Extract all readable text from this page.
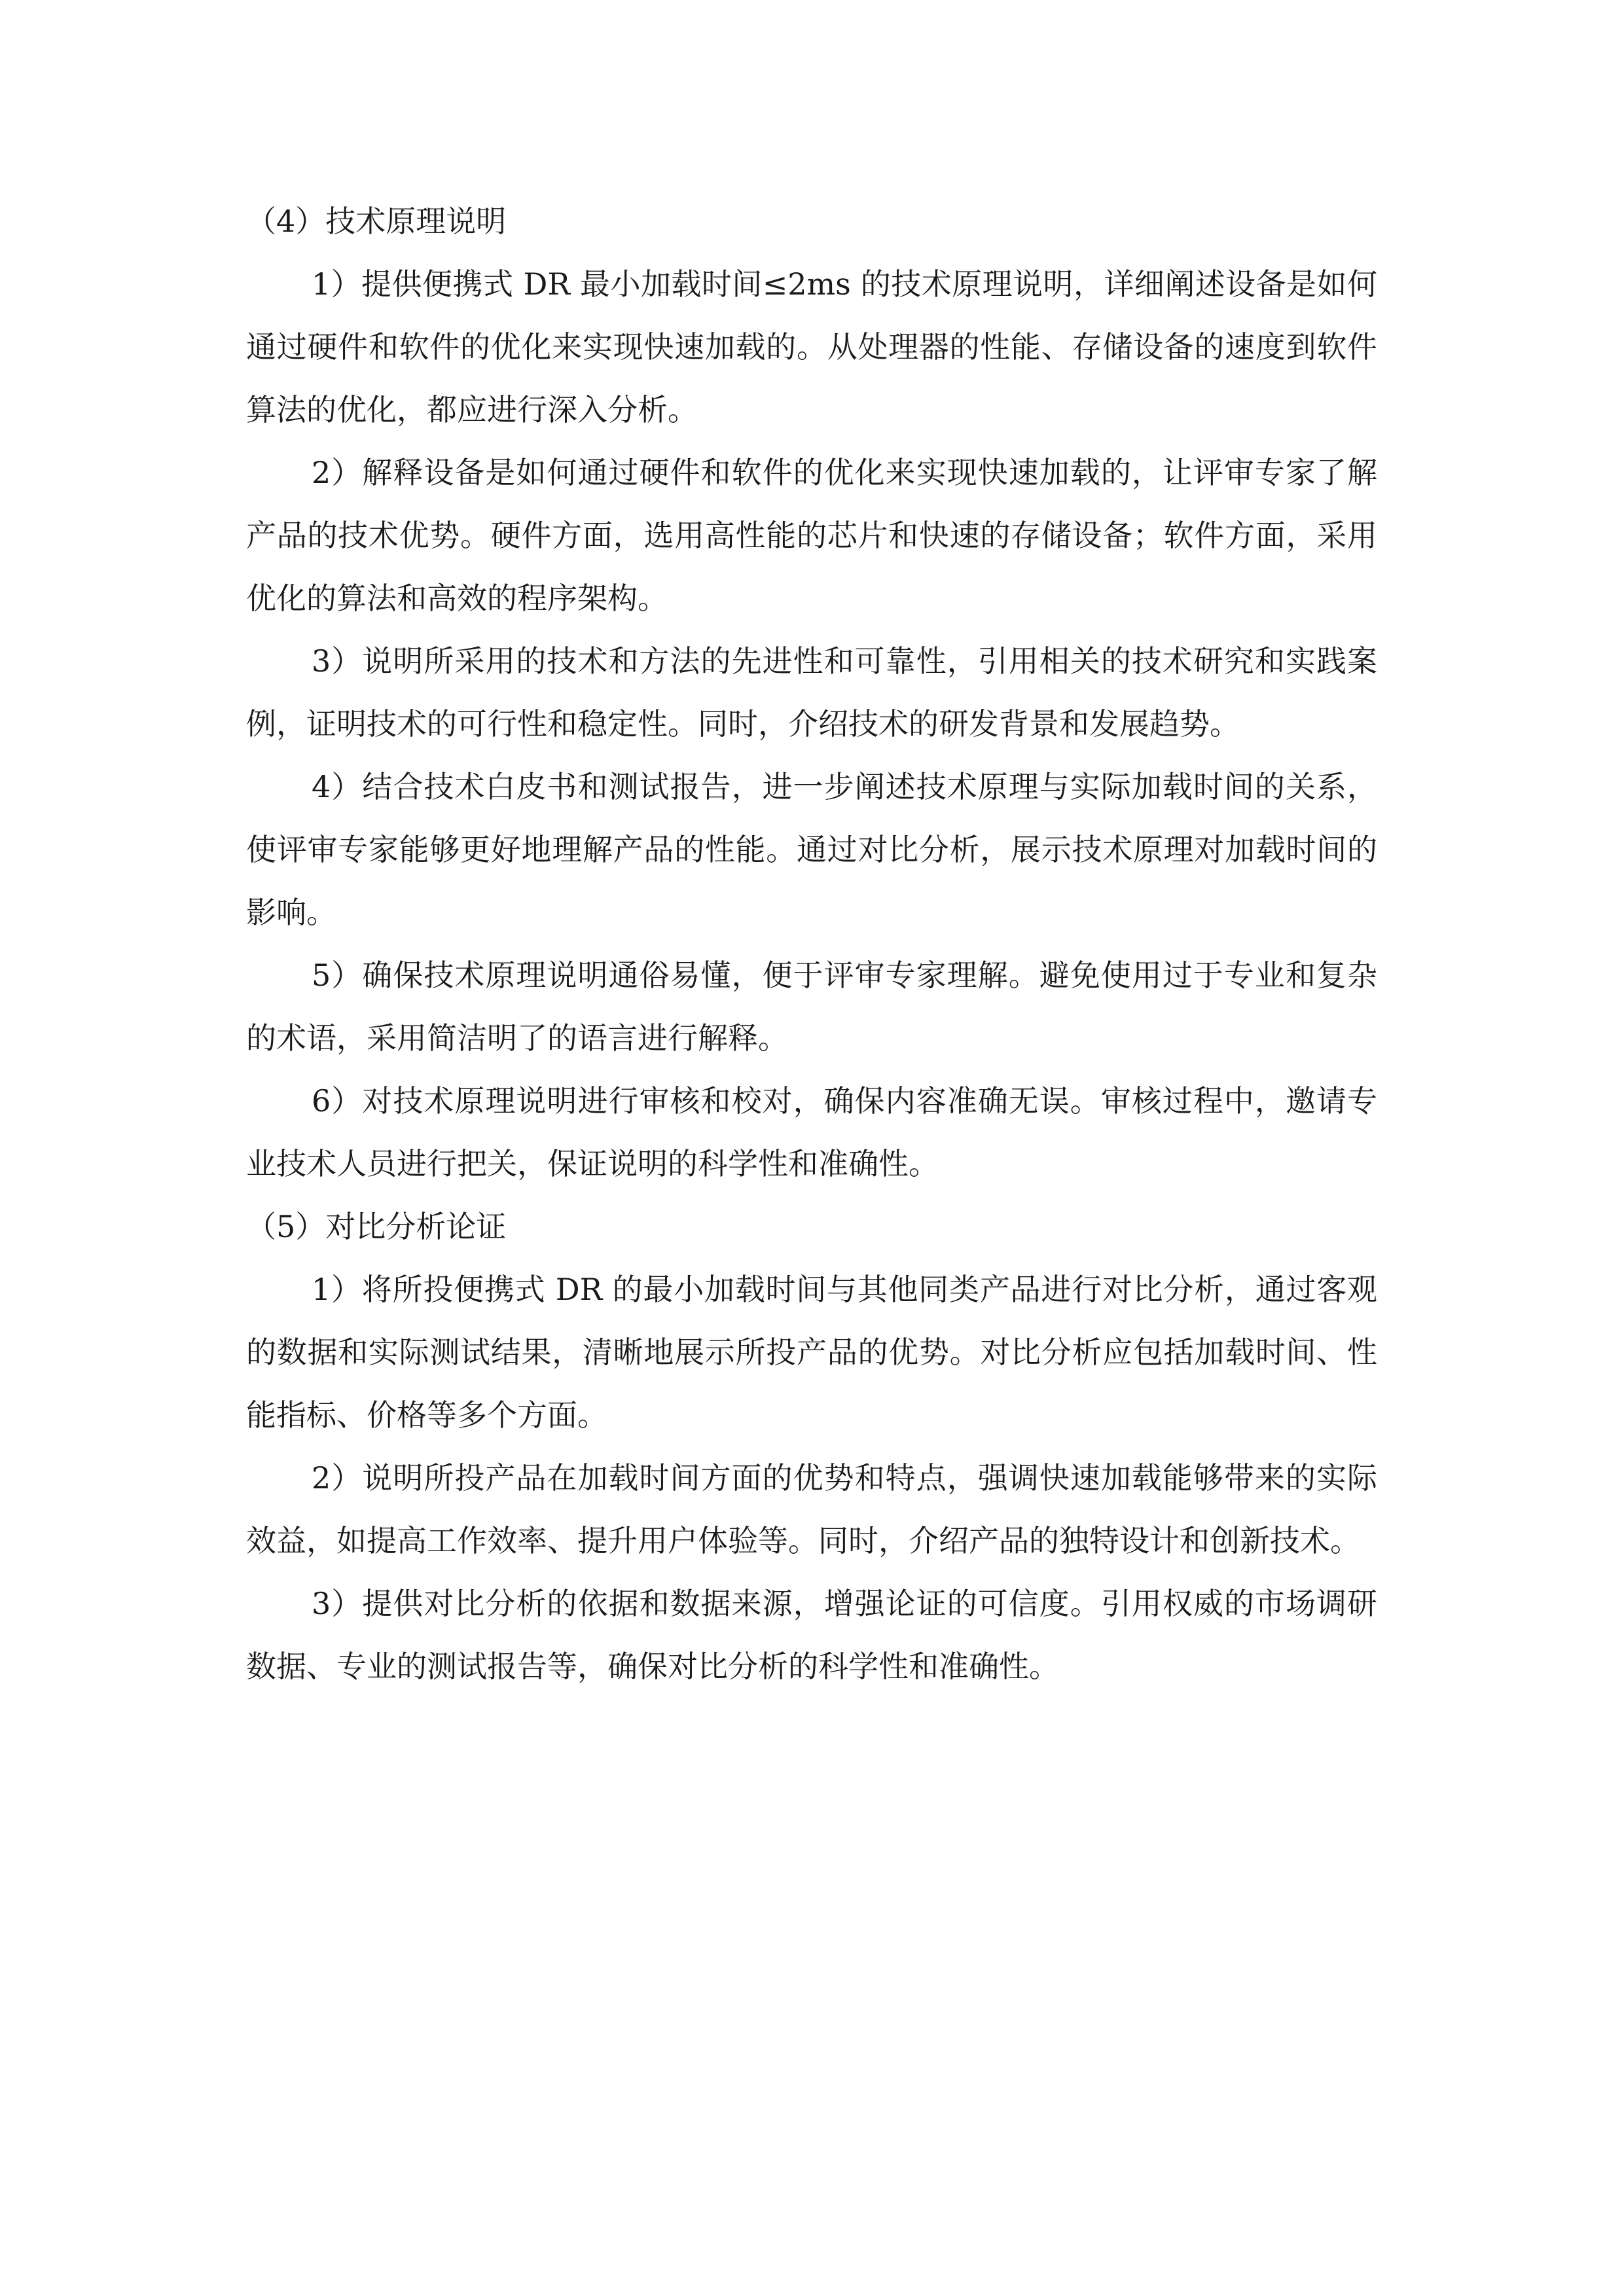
（4）技术原理说明

1）提供便携式 DR 最小加载时间≤2ms 的技术原理说明，详细阐述设备是如何通过硬件和软件的优化来实现快速加载的。从处理器的性能、存储设备的速度到软件算法的优化，都应进行深入分析。

2）解释设备是如何通过硬件和软件的优化来实现快速加载的，让评审专家了解产品的技术优势。硬件方面，选用高性能的芯片和快速的存储设备；软件方面，采用优化的算法和高效的程序架构。

3）说明所采用的技术和方法的先进性和可靠性，引用相关的技术研究和实践案例，证明技术的可行性和稳定性。同时，介绍技术的研发背景和发展趋势。

4）结合技术白皮书和测试报告，进一步阐述技术原理与实际加载时间的关系，使评审专家能够更好地理解产品的性能。通过对比分析，展示技术原理对加载时间的影响。

5）确保技术原理说明通俗易懂，便于评审专家理解。避免使用过于专业和复杂的术语，采用简洁明了的语言进行解释。

6）对技术原理说明进行审核和校对，确保内容准确无误。审核过程中，邀请专业技术人员进行把关，保证说明的科学性和准确性。

（5）对比分析论证

1）将所投便携式 DR 的最小加载时间与其他同类产品进行对比分析，通过客观的数据和实际测试结果，清晰地展示所投产品的优势。对比分析应包括加载时间、性能指标、价格等多个方面。

2）说明所投产品在加载时间方面的优势和特点，强调快速加载能够带来的实际效益，如提高工作效率、提升用户体验等。同时，介绍产品的独特设计和创新技术。

3）提供对比分析的依据和数据来源，增强论证的可信度。引用权威的市场调研数据、专业的测试报告等，确保对比分析的科学性和准确性。
